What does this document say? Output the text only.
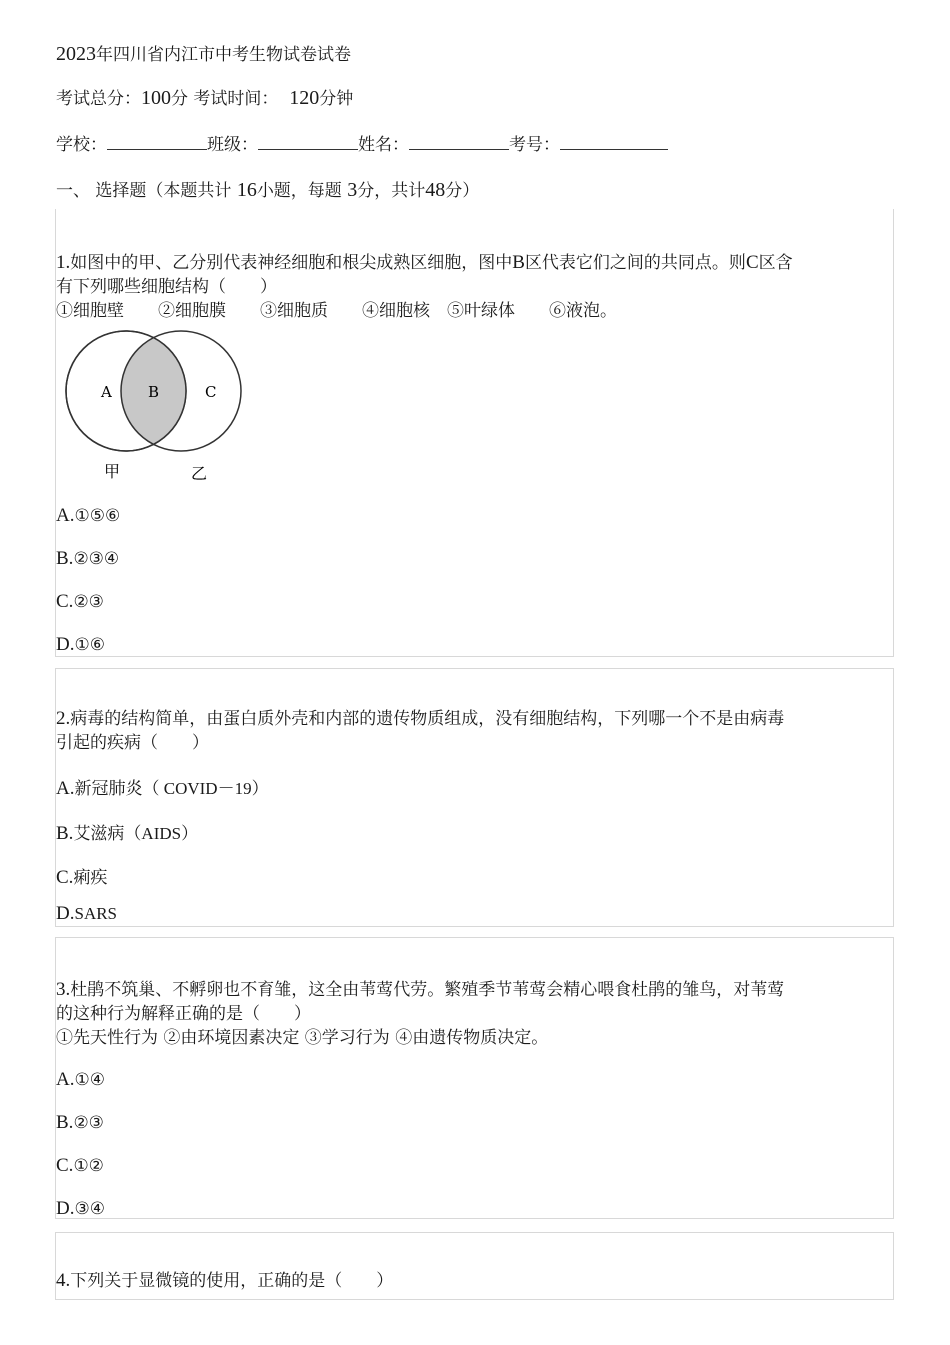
2023年四川省内江市中考生物试卷试卷
考试总分：100分 考试时间： 120分钟
学校：	班级：	姓名：	考号：
一、 选择题（本题共计 16小题，每题 3分，共计48分）
1.如图中的甲、乙分别代表神经细胞和根尖成熟区细胞，图中B区代表它们之间的共同点。则C区含
有下列哪些细胞结构（　　）
①细胞壁　　②细胞膜　　③细胞质　　④细胞核　⑤叶绿体　　⑥液泡。
A B	C
甲	乙
A.①⑤⑥
B.②③④
C.②③
D.①⑥
2.病毒的结构简单，由蛋白质外壳和内部的遗传物质组成，没有细胞结构，下列哪一个不是由病毒
引起的疾病（　　）
A.新冠肺炎（ COVID－19）
B.艾滋病（AIDS）
C.痢疾
D.SARS
3.杜鹃不筑巢、不孵卵也不育雏，这全由苇莺代劳。繁殖季节苇莺会精心喂食杜鹃的雏鸟，对苇莺
的这种行为解释正确的是（　　）
①先天性行为 ②由环境因素决定 ③学习行为 ④由遗传物质决定。
A.①④
B.②③
C.①②
D.③④
4.下列关于显微镜的使用，正确的是（　　）
